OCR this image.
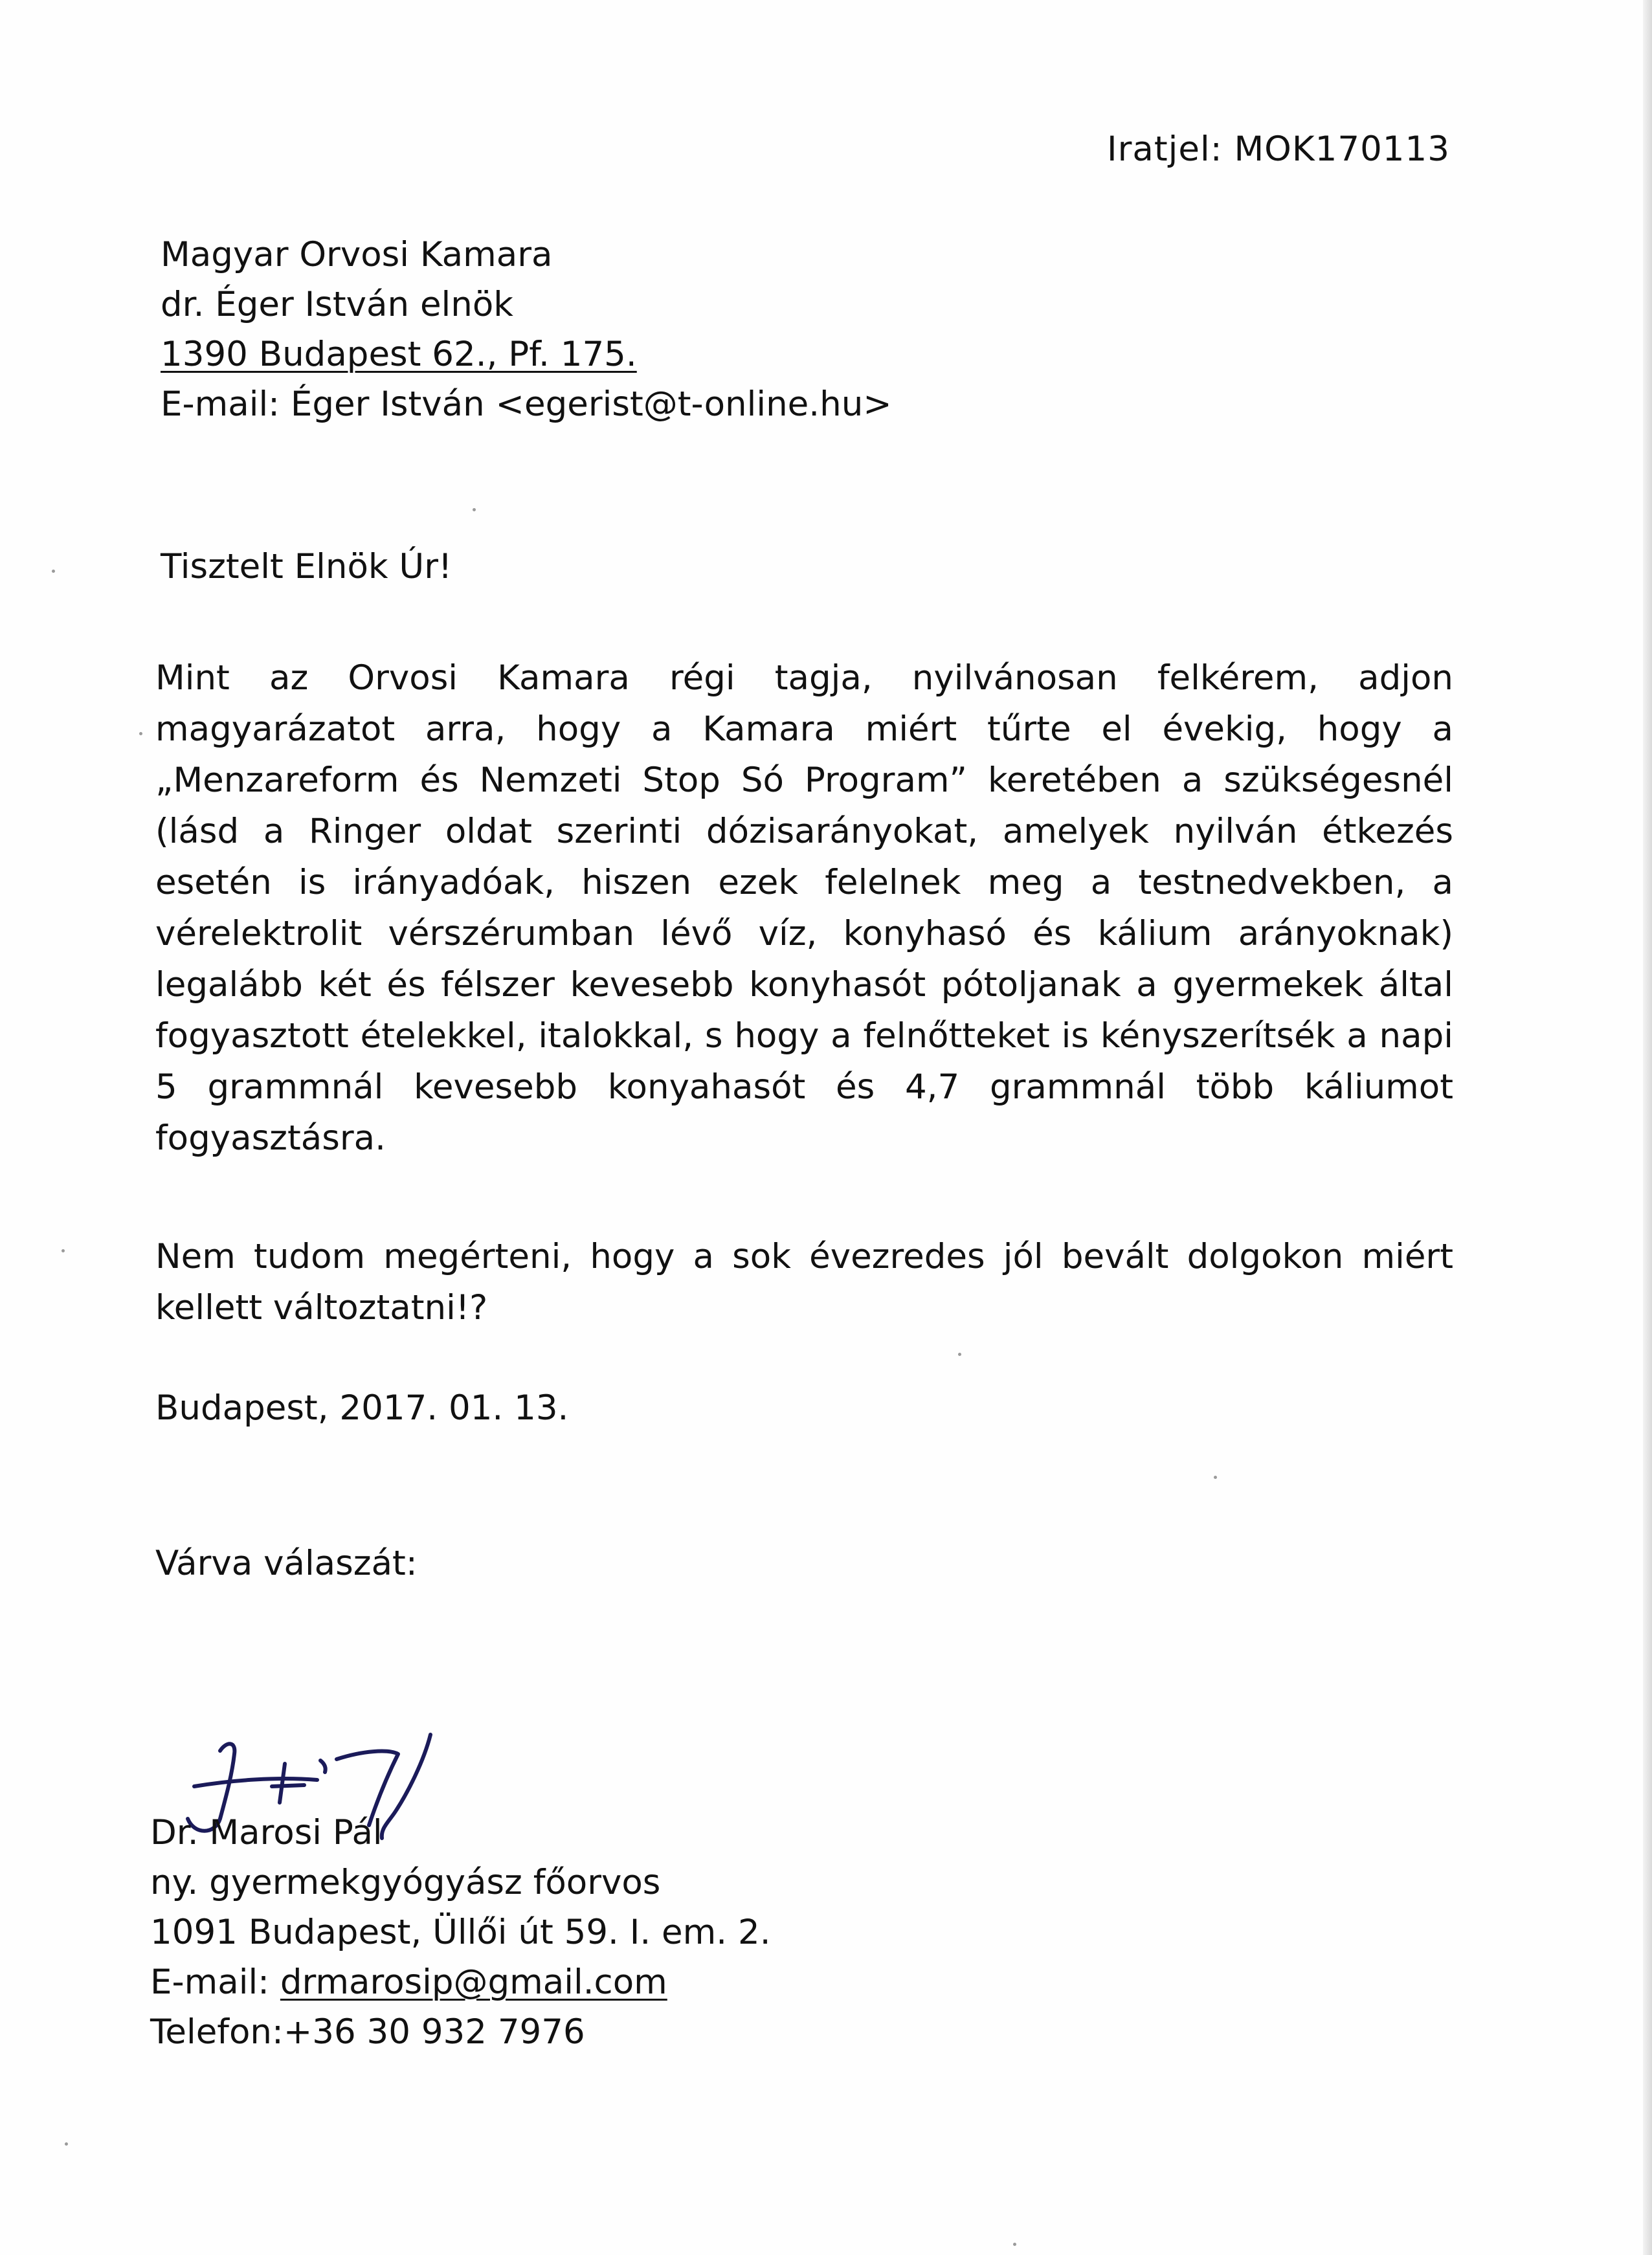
Iratjel: MOK170113
Magyar Orvosi Kamara
dr. Éger István elnök
1390 Budapest 62., Pf. 175.
E-mail: Éger István <egerist@t-online.hu>
Tisztelt Elnök Úr!
Mint az Orvosi Kamara régi tagja, nyilvánosan felkérem, adjon magyarázatot arra, hogy a Kamara miért tűrte el évekig, hogy a „Menzareform és Nemzeti Stop Só Program” keretében a szükségesnél (lásd a Ringer oldat szerinti dózisarányokat, amelyek nyilván étkezés esetén is irányadóak, hiszen ezek felelnek meg a testnedvekben, a vérelektrolit vérszérumban lévő víz, konyhasó és kálium arányoknak) legalább két és félszer kevesebb konyhasót pótoljanak a gyermekek által fogyasztott ételekkel, italokkal, s hogy a felnőtteket is kényszerítsék a napi 5 grammnál kevesebb konyahasót és 4,7 grammnál több káliumot fogyasztásra.
Nem tudom megérteni, hogy a sok évezredes jól bevált dolgokon miért kellett változtatni!?
Budapest, 2017. 01. 13.
Várva válaszát:
Dr. Marosi Pál
ny. gyermekgyógyász főorvos
1091 Budapest, Üllői út 59. I. em. 2.
E-mail: drmarosip@gmail.com
Telefon:+36 30 932 7976
